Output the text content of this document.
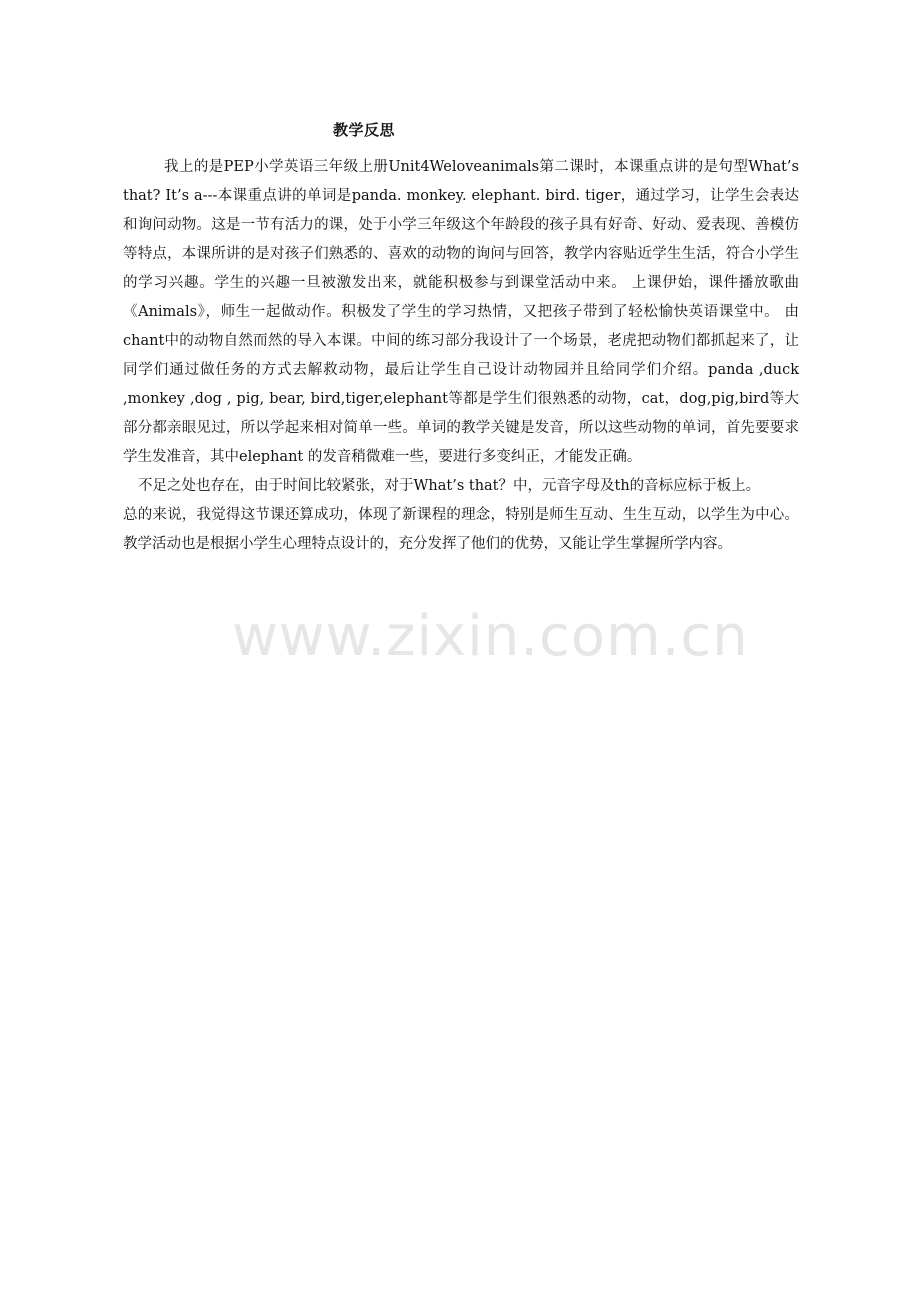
www.zixin.com.cn
教学反思

我上的是PEP小学英语三年级上册Unit4Weloveanimals第二课时，本课重点讲的是句型What’s that? It’s a---本课重点讲的单词是panda. monkey. elephant. bird. tiger，通过学习，让学生会表达和询问动物。这是一节有活力的课，处于小学三年级这个年龄段的孩子具有好奇、好动、爱表现、善模仿等特点，本课所讲的是对孩子们熟悉的、喜欢的动物的询问与回答，教学内容贴近学生生活，符合小学生的学习兴趣。学生的兴趣一旦被激发出来，就能积极参与到课堂活动中来。 上课伊始，课件播放歌曲《Animals》，师生一起做动作。积极发了学生的学习热情，又把孩子带到了轻松愉快英语课堂中。 由chant中的动物自然而然的导入本课。中间的练习部分我设计了一个场景，老虎把动物们都抓起来了，让同学们通过做任务的方式去解救动物，最后让学生自己设计动物园并且给同学们介绍。panda ,duck ,monkey ,dog , pig, bear, bird,tiger,elephant等都是学生们很熟悉的动物，cat，dog,pig,bird等大部分都亲眼见过，所以学起来相对简单一些。单词的教学关键是发音，所以这些动物的单词，首先要要求学生发准音，其中elephant 的发音稍微难一些，要进行多变纠正，才能发正确。

不足之处也存在，由于时间比较紧张，对于What’s that？中，元音字母及th的音标应标于板上。

总的来说，我觉得这节课还算成功，体现了新课程的理念，特别是师生互动、生生互动，以学生为中心。教学活动也是根据小学生心理特点设计的，充分发挥了他们的优势，又能让学生掌握所学内容。
